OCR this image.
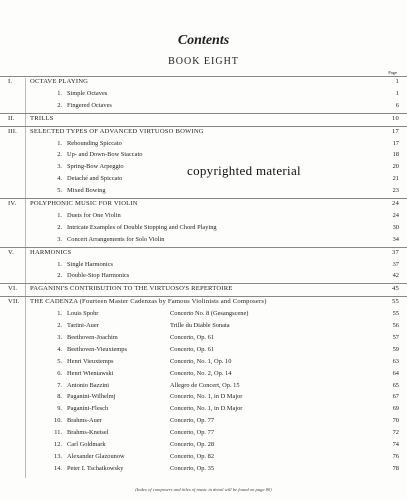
Contents
BOOK EIGHT
Page
I.	OCTAVE PLAYING	1
1. Simple Octaves	1
2. Fingered Octaves	6
II.	TRILLS	10
III.	SELECTED TYPES OF ADVANCED VIRTUOSO BOWING	17
1. Rebounding Spiccato	17
2. Up- and Down-Bow Staccato	18
3. Spring-Bow Arpeggio	20
4. Detaché and Spiccato	21
5. Mixed Bowing	23
IV.	POLYPHONIC MUSIC FOR VIOLIN	24
1. Duets for One Violin	24
2. Intricate Examples of Double Stopping and Chord Playing	30
3. Concert Arrangements for Solo Violin	34
V.	HARMONICS	37
1. Single Harmonics	37
2. Double-Stop Harmonics	42
VI.	PAGANINI'S CONTRIBUTION TO THE VIRTUOSO'S REPERTOIRE	45
VII.	THE CADENZA (Fourteen Master Cadenzas by Famous Violinists and Composers)	55
1. Louis Spohr	Concerto No. 8 (Gesangscene)	55
2. Tartini-Auer	Trille du Diable Sonata	56
3. Beethoven-Joachim	Concerto, Op. 61	57
4. Beethoven-Vieuxtemps	Concerto, Op. 61	59
5. Henri Vieuxtemps	Concerto, No. 1, Op. 10	63
6. Henri Wieniawski	Concerto, No. 2, Op. 14	64
7. Antonio Bazzini	Allegro de Concert, Op. 15	65
8. Paganini-Wilhelmj	Concerto, No. 1, in D Major	67
9. Paganini-Flesch	Concerto, No. 1, in D Major	69
10. Brahms-Auer	Concerto, Op. 77	70
11. Brahms-Kneisel	Concerto, Op. 77	72
12. Carl Goldmark	Concerto, Op. 28	74
13. Alexander Glazounow	Concerto, Op. 82	76
14. Peter I. Tschaikowsky	Concerto, Op. 35	78
copyrighted material
(Index of composers and titles of music in detail will be found on page 80)
